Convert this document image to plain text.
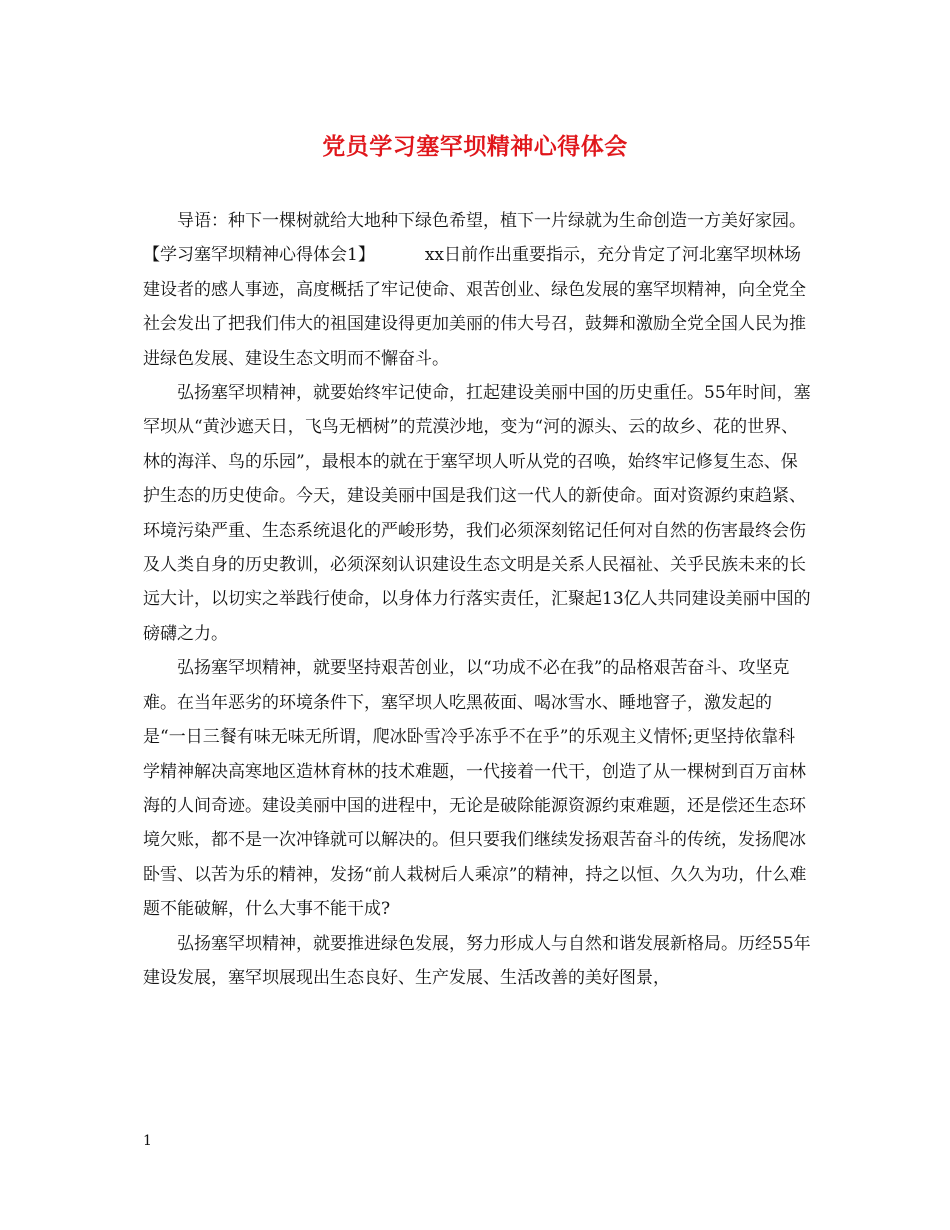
党员学习塞罕坝精神心得体会

导语：种下一棵树就给大地种下绿色希望，植下一片绿就为生命创造一方美好家园。

【学习塞罕坝精神心得体会1】	xx日前作出重要指示，充分肯定了河北塞罕坝林场建设者的感人事迹，高度概括了牢记使命、艰苦创业、绿色发展的塞罕坝精神，向全党全社会发出了把我们伟大的祖国建设得更加美丽的伟大号召，鼓舞和激励全党全国人民为推进绿色发展、建设生态文明而不懈奋斗。

弘扬塞罕坝精神，就要始终牢记使命，扛起建设美丽中国的历史重任。55年时间，塞罕坝从“黄沙遮天日，飞鸟无栖树”的荒漠沙地，变为“河的源头、云的故乡、花的世界、林的海洋、鸟的乐园”，最根本的就在于塞罕坝人听从党的召唤，始终牢记修复生态、保护生态的历史使命。今天，建设美丽中国是我们这一代人的新使命。面对资源约束趋紧、环境污染严重、生态系统退化的严峻形势，我们必须深刻铭记任何对自然的伤害最终会伤及人类自身的历史教训，必须深刻认识建设生态文明是关系人民福祉、关乎民族未来的长远大计，以切实之举践行使命，以身体力行落实责任，汇聚起13亿人共同建设美丽中国的磅礴之力。

弘扬塞罕坝精神，就要坚持艰苦创业，以“功成不必在我”的品格艰苦奋斗、攻坚克难。在当年恶劣的环境条件下，塞罕坝人吃黑莜面、喝冰雪水、睡地窨子，激发起的是“一日三餐有味无味无所谓，爬冰卧雪冷乎冻乎不在乎”的乐观主义情怀;更坚持依靠科学精神解决高寒地区造林育林的技术难题，一代接着一代干，创造了从一棵树到百万亩林海的人间奇迹。建设美丽中国的进程中，无论是破除能源资源约束难题，还是偿还生态环境欠账，都不是一次冲锋就可以解决的。但只要我们继续发扬艰苦奋斗的传统，发扬爬冰卧雪、以苦为乐的精神，发扬“前人栽树后人乘凉”的精神，持之以恒、久久为功，什么难题不能破解，什么大事不能干成?

弘扬塞罕坝精神，就要推进绿色发展，努力形成人与自然和谐发展新格局。历经55年建设发展，塞罕坝展现出生态良好、生产发展、生活改善的美好图景，

1
